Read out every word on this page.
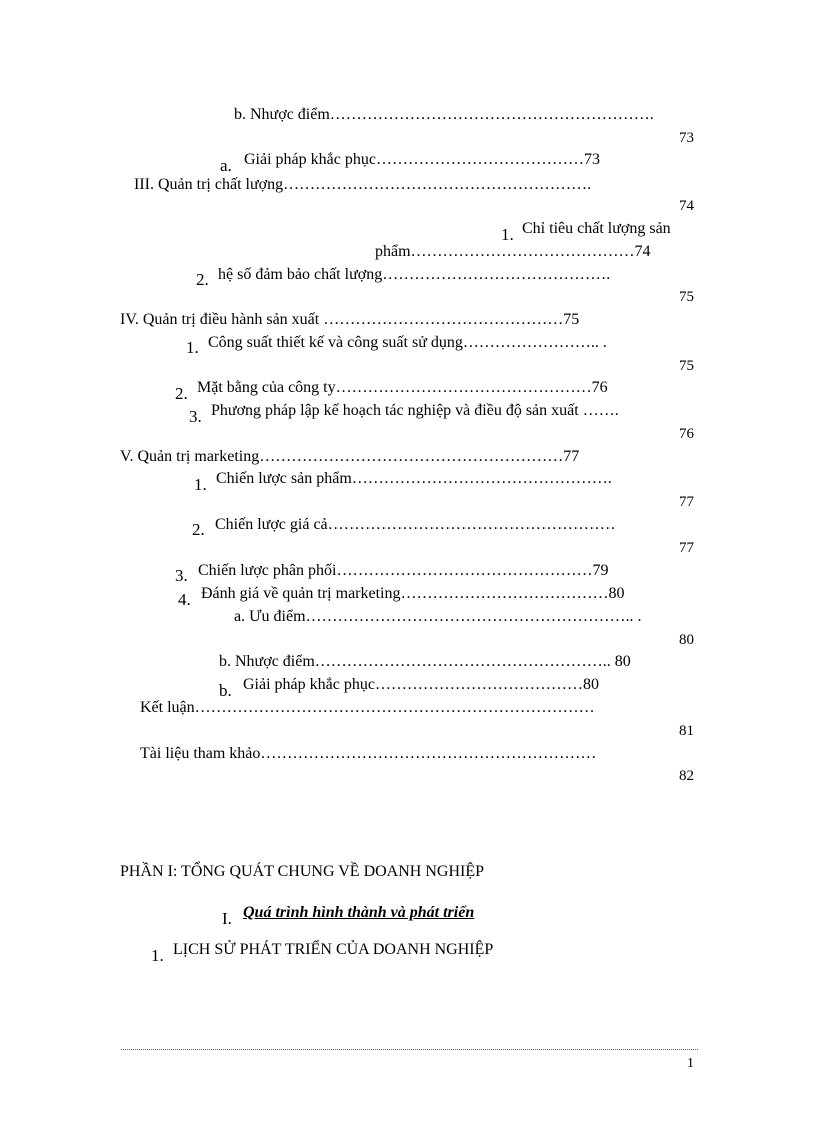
b. Nhược điểm…………………………………………………….
73
a. Giải pháp khắc phục…………………………………73
III. Quản trị chất lượng………………………………………………….
74
1. Chỉ tiêu chất lượng sản
phẩm……………………………………74
2. hệ số đảm bảo chất lượng…………………………………….
75
IV. Quản trị điều hành sản xuất ………………………………………75
1. Công suất thiết kế và công suất sử dụng…………………….. .
75
2. Mặt bằng của công ty…………………………………………76
3. Phương pháp lập kế hoạch tác nghiệp và điều độ sản xuất …….
76
V. Quản trị marketing…………………………………………………77
1. Chiến lược sản phẩm………………………………………….
77
2. Chiến lược giá cả………………………………………………
77
3. Chiến lược phân phối…………………………………………79
4. Đánh giá về quản trị marketing…………………………………80
a. Ưu điểm…………………………………………………….. .
80
b. Nhược điểm……………………………………………….. 80
b. Giải pháp khắc phục…………………………………80
Kết luận…………………………………………………………………
81
Tài liệu tham khảo………………………………………………………
82
PHẦN I: TỔNG QUÁT CHUNG VỀ DOANH NGHIỆP
I. Quá trình hình thành và phát triển
1. LỊCH SỬ PHÁT TRIỂN CỦA DOANH NGHIỆP
1
